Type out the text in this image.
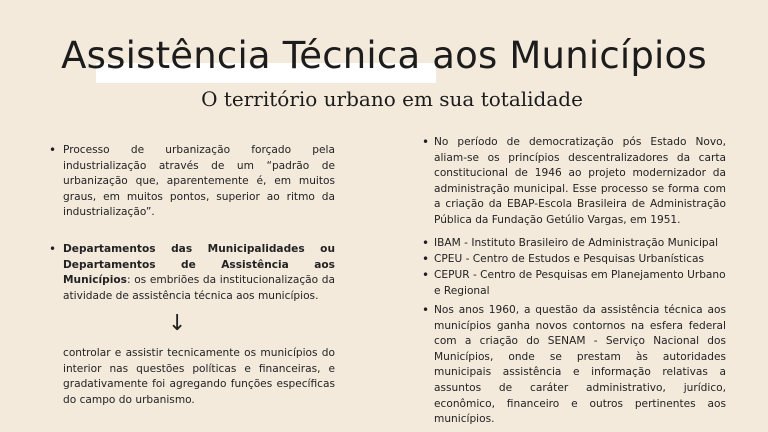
Assistência Técnica aos Municípios
O território urbano em sua totalidade
• Processo de urbanização forçado pela industrialização através de um “padrão de urbanização que, aparentemente é, em muitos graus, em muitos pontos, superior ao ritmo da industrialização”.
• Departamentos das Municipalidades ou Departamentos de Assistência aos Municípios: os embriões da institucionalização da atividade de assistência técnica aos municípios.
↓
controlar e assistir tecnicamente os municípios do interior nas questões políticas e financeiras, e gradativamente foi agregando funções específicas do campo do urbanismo.
• No período de democratização pós Estado Novo, aliam-se os princípios descentralizadores da carta constitucional de 1946 ao projeto modernizador da administração municipal. Esse processo se forma com a criação da EBAP-Escola Brasileira de Administração Pública da Fundação Getúlio Vargas, em 1951.
• IBAM - Instituto Brasileiro de Administração Municipal
• CPEU - Centro de Estudos e Pesquisas Urbanísticas
• CEPUR - Centro de Pesquisas em Planejamento Urbano e Regional
• Nos anos 1960, a questão da assistência técnica aos municípios ganha novos contornos na esfera federal com a criação do SENAM - Serviço Nacional dos Municípios, onde se prestam às autoridades municipais assistência e informação relativas a assuntos de caráter administrativo, jurídico, econômico, financeiro e outros pertinentes aos municípios.
